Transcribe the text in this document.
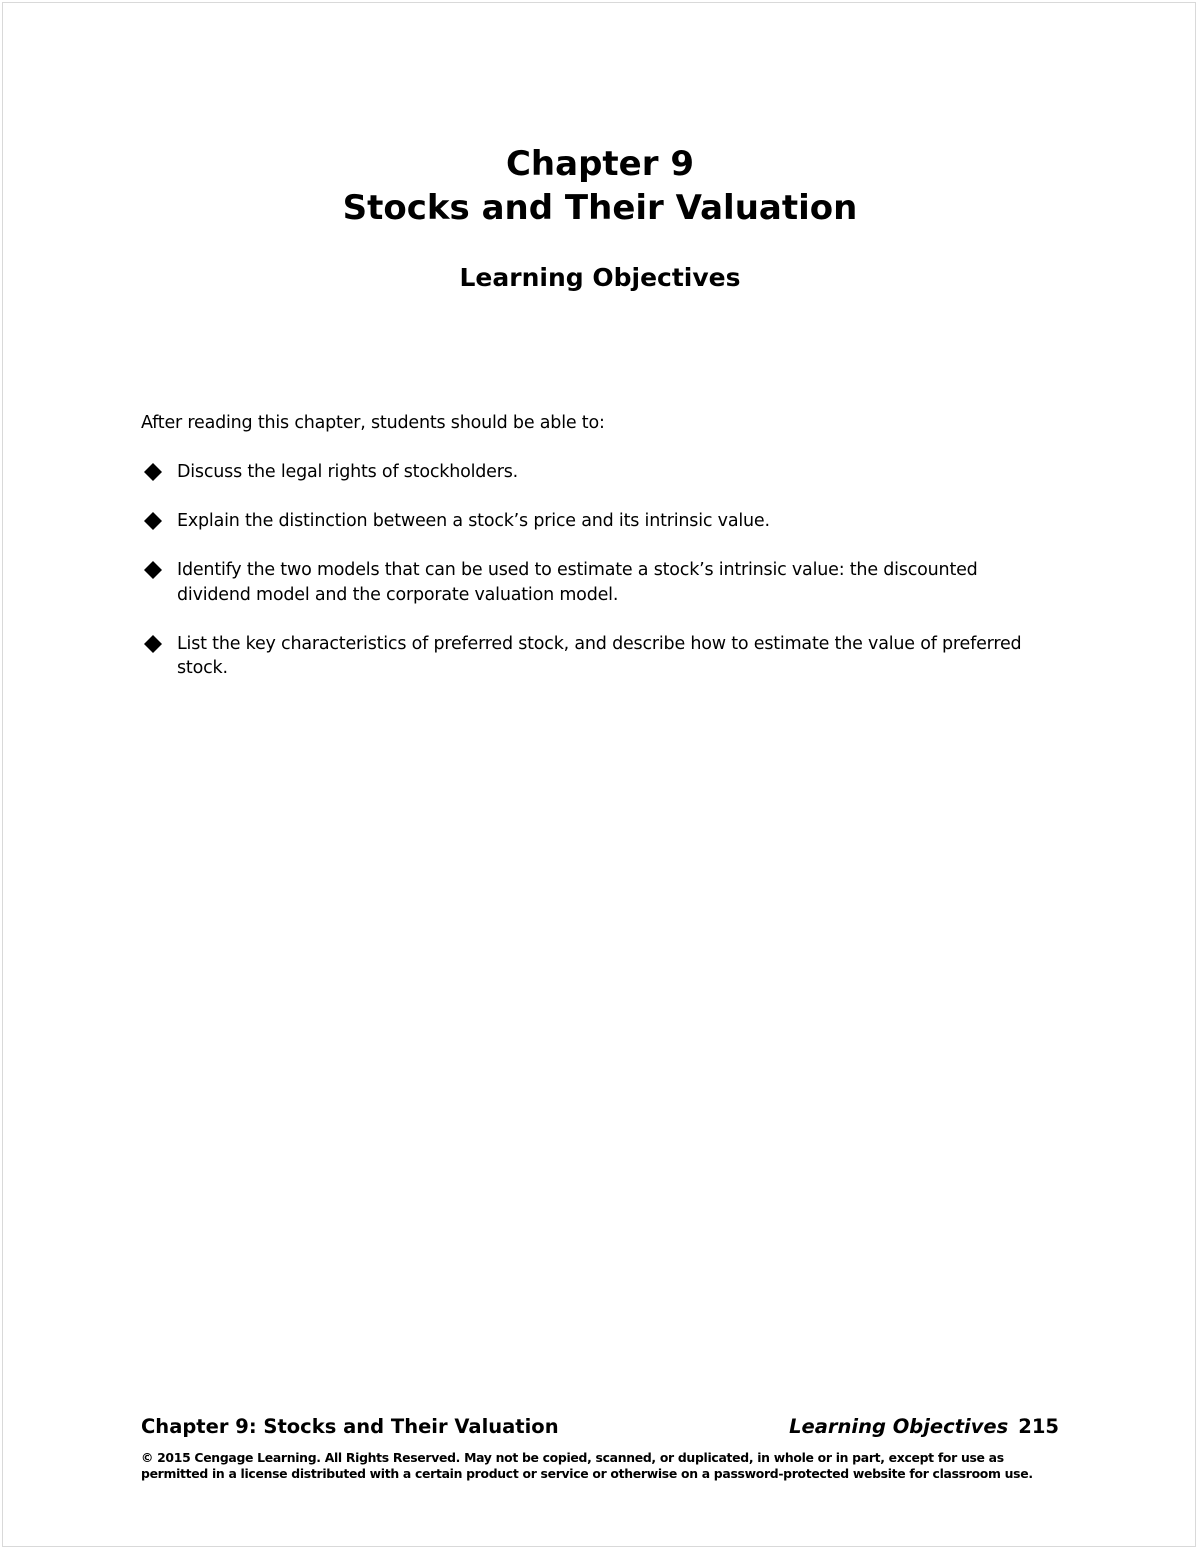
Chapter 9
Stocks and Their Valuation
Learning Objectives
After reading this chapter, students should be able to:
Discuss the legal rights of stockholders.
Explain the distinction between a stock’s price and its intrinsic value.
Identify the two models that can be used to estimate a stock’s intrinsic value: the discounted dividend model and the corporate valuation model.
List the key characteristics of preferred stock, and describe how to estimate the value of preferred stock.
Chapter 9: Stocks and Their Valuation	Learning Objectives 215
© 2015 Cengage Learning. All Rights Reserved. May not be copied, scanned, or duplicated, in whole or in part, except for use as permitted in a license distributed with a certain product or service or otherwise on a password-protected website for classroom use.
